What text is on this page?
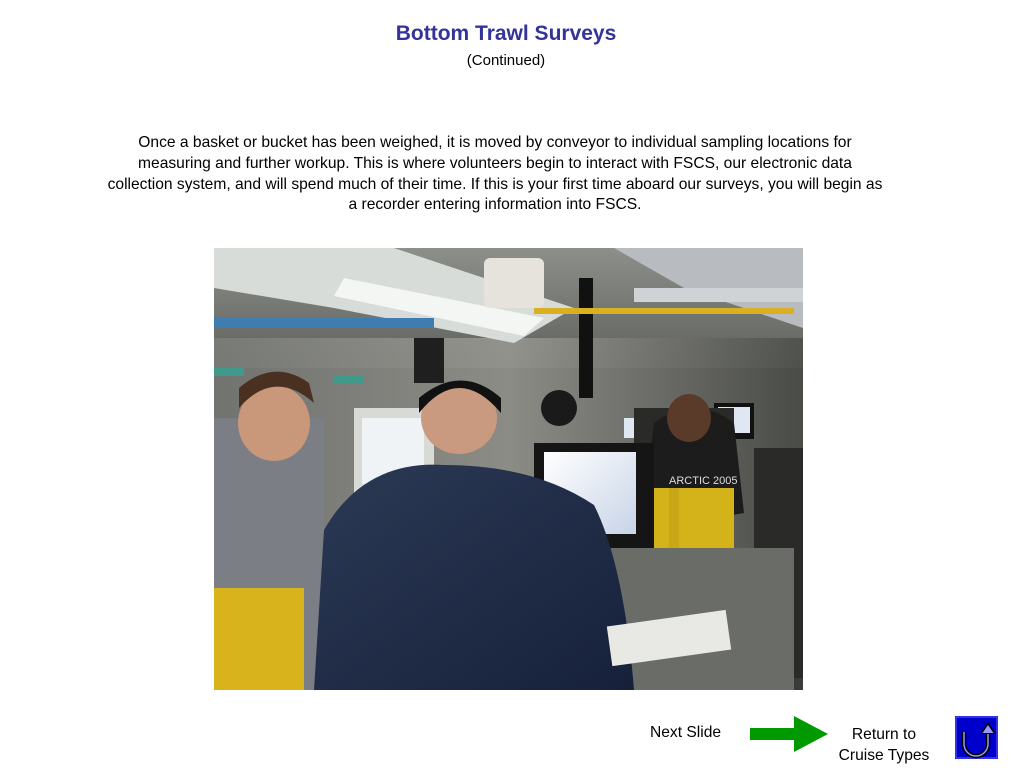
Bottom Trawl Surveys
(Continued)
Once a basket or bucket has been weighed, it is moved by conveyor to individual sampling locations for measuring and further workup. This is where volunteers begin to interact with FSCS, our electronic data collection system, and will spend much of their time. If this is your first time aboard our surveys, you will begin as a recorder entering information into FSCS.
ARCTIC 2005
Next Slide	Return to Cruise Types
